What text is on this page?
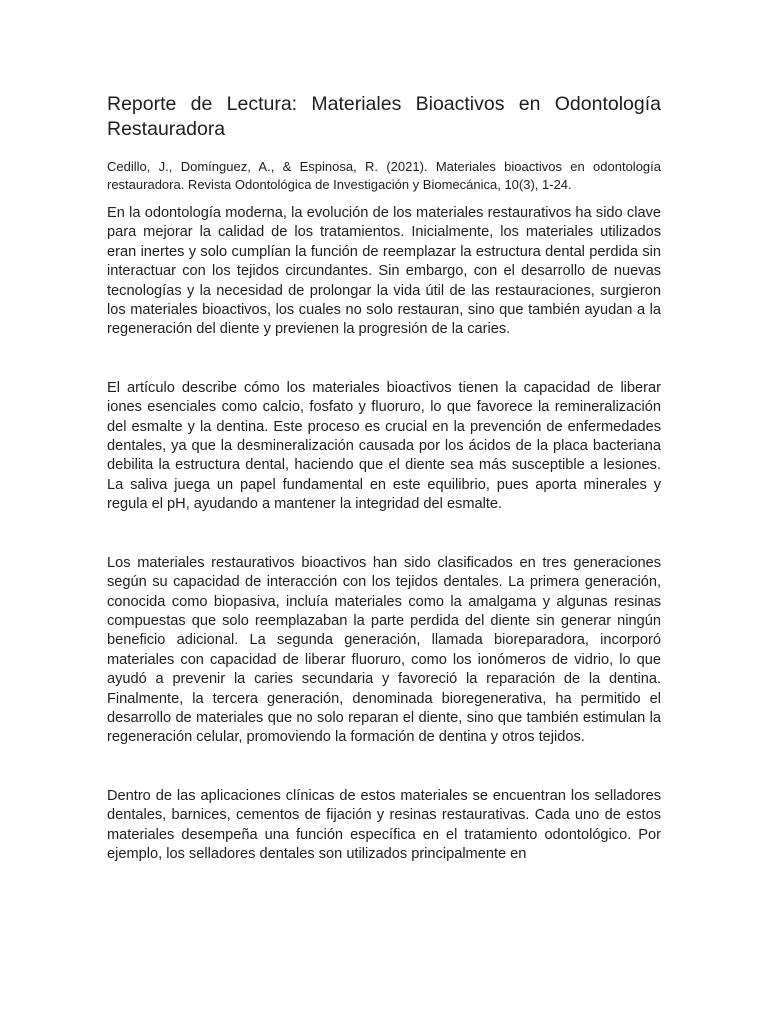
Reporte de Lectura: Materiales Bioactivos en Odontología Restauradora
Cedillo, J., Domínguez, A., & Espinosa, R. (2021). Materiales bioactivos en odontología restauradora. Revista Odontológica de Investigación y Biomecánica, 10(3), 1-24.

En la odontología moderna, la evolución de los materiales restaurativos ha sido clave para mejorar la calidad de los tratamientos. Inicialmente, los materiales utilizados eran inertes y solo cumplían la función de reemplazar la estructura dental perdida sin interactuar con los tejidos circundantes. Sin embargo, con el desarrollo de nuevas tecnologías y la necesidad de prolongar la vida útil de las restauraciones, surgieron los materiales bioactivos, los cuales no solo restauran, sino que también ayudan a la regeneración del diente y previenen la progresión de la caries.

El artículo describe cómo los materiales bioactivos tienen la capacidad de liberar iones esenciales como calcio, fosfato y fluoruro, lo que favorece la remineralización del esmalte y la dentina. Este proceso es crucial en la prevención de enfermedades dentales, ya que la desmineralización causada por los ácidos de la placa bacteriana debilita la estructura dental, haciendo que el diente sea más susceptible a lesiones. La saliva juega un papel fundamental en este equilibrio, pues aporta minerales y regula el pH, ayudando a mantener la integridad del esmalte.

Los materiales restaurativos bioactivos han sido clasificados en tres generaciones según su capacidad de interacción con los tejidos dentales. La primera generación, conocida como biopasiva, incluía materiales como la amalgama y algunas resinas compuestas que solo reemplazaban la parte perdida del diente sin generar ningún beneficio adicional. La segunda generación, llamada bioreparadora, incorporó materiales con capacidad de liberar fluoruro, como los ionómeros de vidrio, lo que ayudó a prevenir la caries secundaria y favoreció la reparación de la dentina. Finalmente, la tercera generación, denominada bioregenerativa, ha permitido el desarrollo de materiales que no solo reparan el diente, sino que también estimulan la regeneración celular, promoviendo la formación de dentina y otros tejidos.

Dentro de las aplicaciones clínicas de estos materiales se encuentran los selladores dentales, barnices, cementos de fijación y resinas restaurativas. Cada uno de estos materiales desempeña una función específica en el tratamiento odontológico. Por ejemplo, los selladores dentales son utilizados principalmente en
